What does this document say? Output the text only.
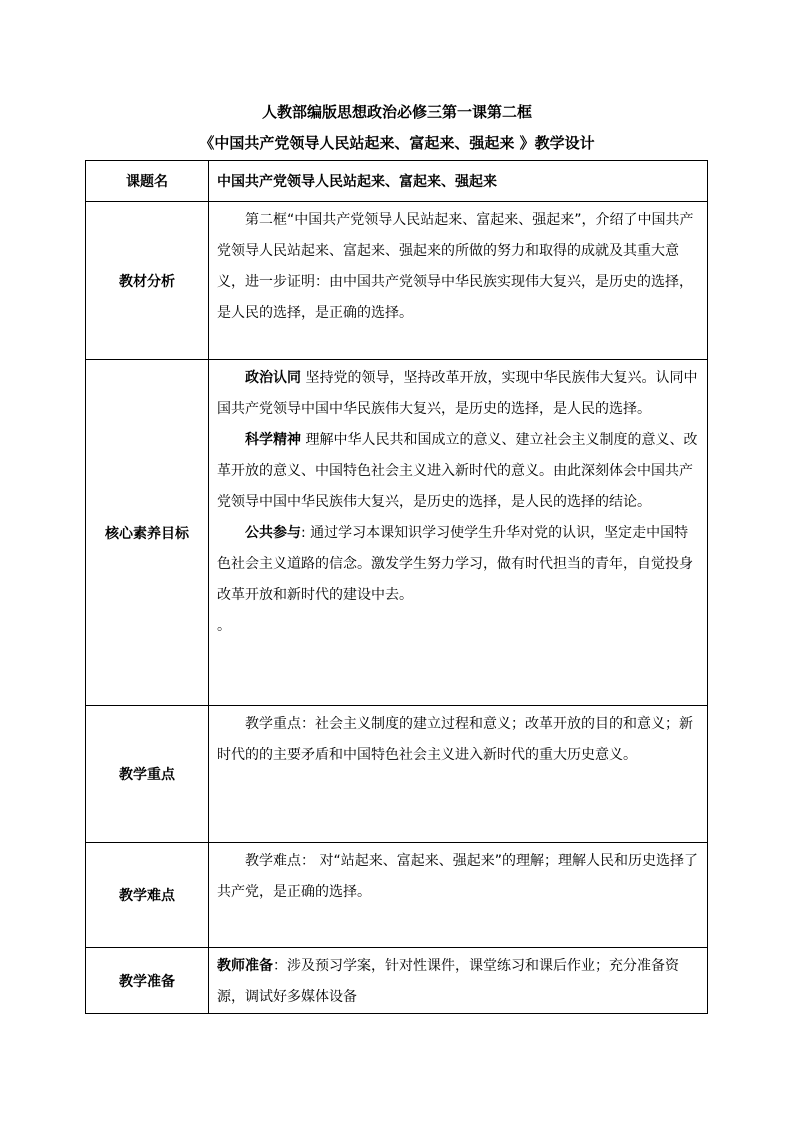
人教部编版思想政治必修三第一课第二框
《中国共产党领导人民站起来、富起来、强起来 》教学设计
课题名	中国共产党领导人民站起来、富起来、强起来
教材分析	第二框“中国共产党领导人民站起来、富起来、强起来”，介绍了中国共产党领导人民站起来、富起来、强起来的所做的努力和取得的成就及其重大意义，进一步证明：由中国共产党领导中华民族实现伟大复兴，是历史的选择，是人民的选择，是正确的选择。

核心素养目标	政治认同 坚持党的领导，坚持改革开放，实现中华民族伟大复兴。认同中国共产党领导中国中华民族伟大复兴，是历史的选择，是人民的选择。

科学精神 理解中华人民共和国成立的意义、建立社会主义制度的意义、改革开放的意义、中国特色社会主义进入新时代的意义。由此深刻体会中国共产党领导中国中华民族伟大复兴，是历史的选择，是人民的选择的结论。

公共参与: 通过学习本课知识学习使学生升华对党的认识，坚定走中国特色社会主义道路的信念。激发学生努力学习，做有时代担当的青年，自觉投身改革开放和新时代的建设中去。

。

教学重点	教学重点：社会主义制度的建立过程和意义；改革开放的目的和意义；新时代的的主要矛盾和中国特色社会主义进入新时代的重大历史意义。

教学难点	教学难点： 对“站起来、富起来、强起来”的理解；理解人民和历史选择了共产党，是正确的选择。

教学准备	教师准备：涉及预习学案，针对性课件，课堂练习和课后作业；充分准备资源，调试好多媒体设备
